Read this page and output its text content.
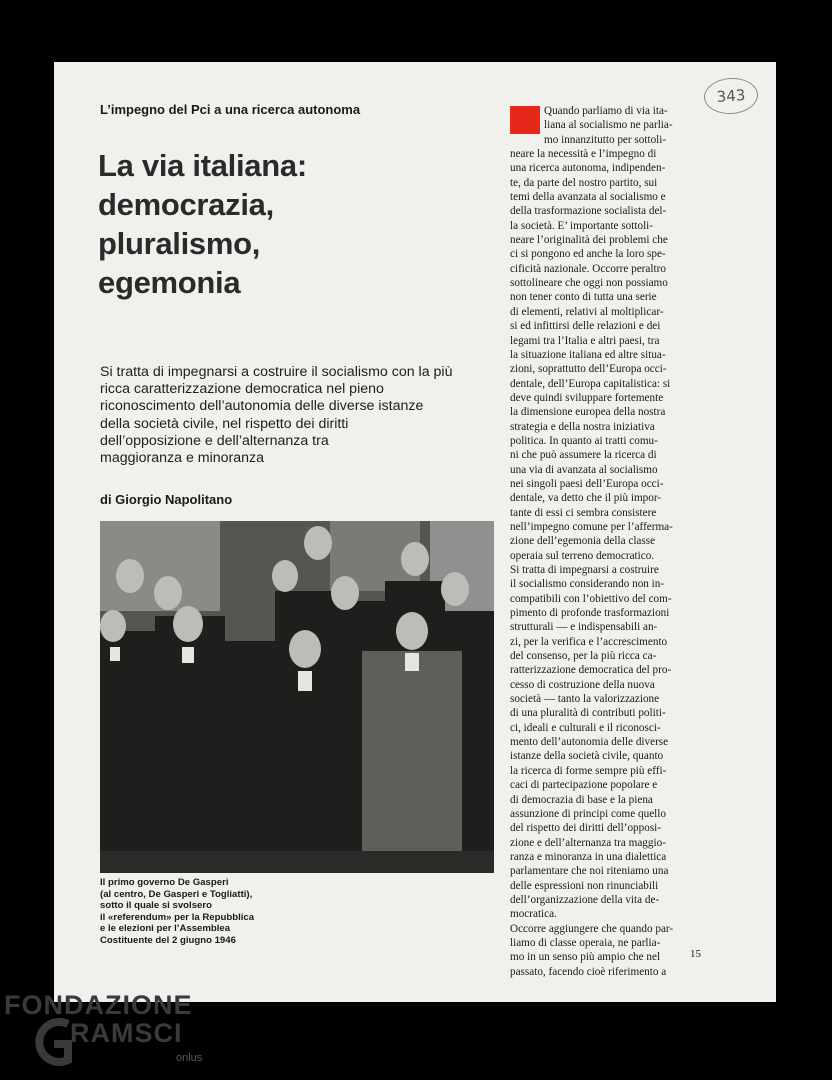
343
L’impegno del Pci a una ricerca autonoma
La via italiana:
democrazia,
pluralismo,
egemonia
Si tratta di impegnarsi a costruire il socialismo con la più
ricca caratterizzazione democratica nel pieno
riconoscimento dell’autonomia delle diverse istanze
della società civile, nel rispetto dei diritti
dell’opposizione e dell’alternanza tra
maggioranza e minoranza
di Giorgio Napolitano
Il primo governo De Gasperi
(al centro, De Gasperi e Togliatti),
sotto il quale si svolsero
il «referendum» per la Repubblica
e le elezioni per l’Assemblea
Costituente del 2 giugno 1946
Quando parliamo di via ita-
liana al socialismo ne parlia-
mo innanzitutto per sottoli-
neare la necessità e l’impegno di
una ricerca autonoma, indipenden-
te, da parte del nostro partito, sui
temi della avanzata al socialismo e
della trasformazione socialista del-
la società. E’ importante sottoli-
neare l’originalità dei problemi che
ci si pongono ed anche la loro spe-
cificità nazionale. Occorre peraltro
sottolineare che oggi non possiamo
non tener conto di tutta una serie
di elementi, relativi al moltiplicar-
si ed infittirsi delle relazioni e dei
legami tra l’Italia e altri paesi, tra
la situazione italiana ed altre situa-
zioni, soprattutto dell’Europa occi-
dentale, dell’Europa capitalistica: si
deve quindi sviluppare fortemente
la dimensione europea della nostra
strategia e della nostra iniziativa
politica. In quanto ai tratti comu-
ni che può assumere la ricerca di
una via di avanzata al socialismo
nei singoli paesi dell’Europa occi-
dentale, va detto che il più impor-
tante di essi ci sembra consistere
nell’impegno comune per l’afferma-
zione dell’egemonia della classe
operaia sul terreno democratico.
Si tratta di impegnarsi a costruire
il socialismo considerando non in-
compatibili con l’obiettivo del com-
pimento di profonde trasformazioni
strutturali — e indispensabili an-
zi, per la verifica e l’accrescimento
del consenso, per la più ricca ca-
ratterizzazione democratica del pro-
cesso di costruzione della nuova
società — tanto la valorizzazione
di una pluralità di contributi politi-
ci, ideali e culturali e il riconosci-
mento dell’autonomia delle diverse
istanze della società civile, quanto
la ricerca di forme sempre più effi-
caci di partecipazione popolare e
di democrazia di base e la piena
assunzione di principi come quello
del rispetto dei diritti dell’opposi-
zione e dell’alternanza tra maggio-
ranza e minoranza in una dialettica
parlamentare che noi riteniamo una
delle espressioni non rinunciabili
dell’organizzazione della vita de-
mocratica.
Occorre aggiungere che quando par-
liamo di classe operaia, ne parlia-
mo in un senso più ampio che nel
passato, facendo cioè riferimento a
15
FONDAZIONE
RAMSCI
onlus
